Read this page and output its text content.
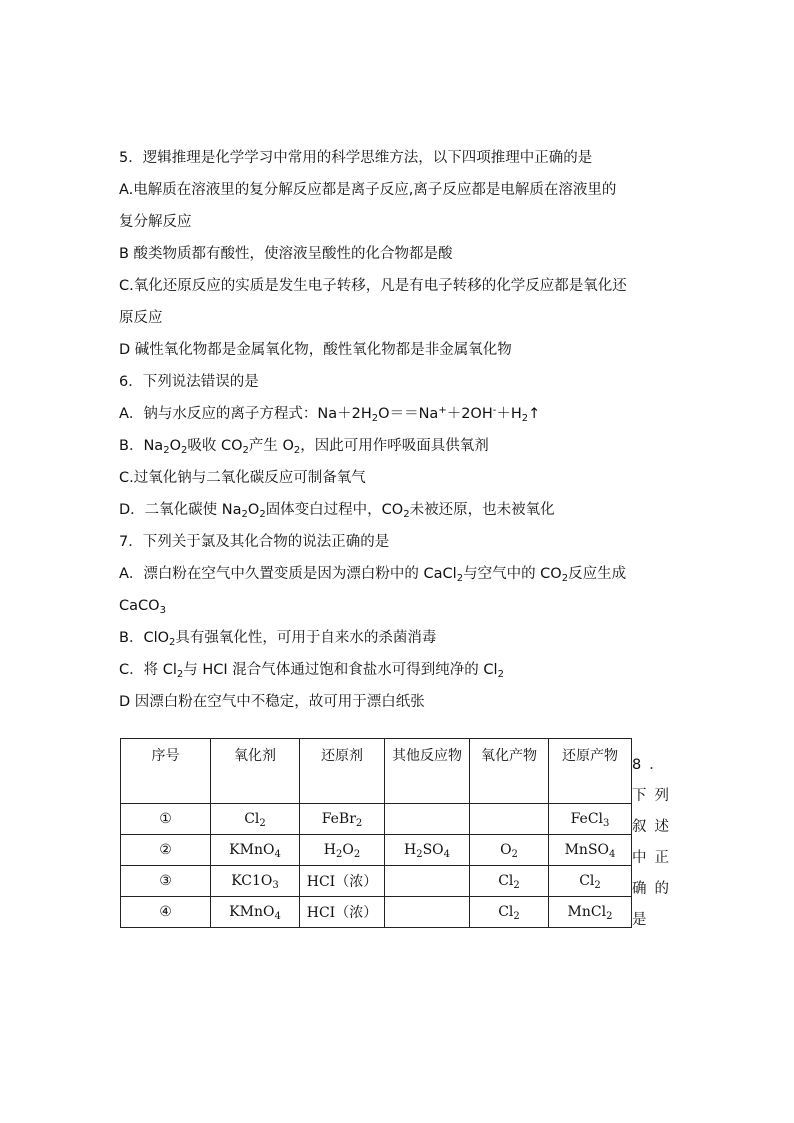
5．逻辑推理是化学学习中常用的科学思维方法，以下四项推理中正确的是
A.电解质在溶液里的复分解反应都是离子反应,离子反应都是电解质在溶液里的
复分解反应
B 酸类物质都有酸性，使溶液呈酸性的化合物都是酸
C.氧化还原反应的实质是发生电子转移，凡是有电子转移的化学反应都是氧化还
原反应
D 碱性氧化物都是金属氧化物，酸性氧化物都是非金属氧化物
6．下列说法错误的是
A．钠与水反应的离子方程式：$Na+2H_2O==Na^++2OH^-+H_2↑$
B．$Na_2O_2$吸收 $CO_2$产生 $O_2$，因此可用作呼吸面具供氧剂
C.过氧化钠与二氧化碳反应可制备氧气
D．二氧化碳使 $Na_2O_2$固体变白过程中，$CO_2$未被还原，也未被氧化
7．下列关于氯及其化合物的说法正确的是
A．漂白粉在空气中久置变质是因为漂白粉中的 CaCl$_2$与空气中的 $CO_2$反应生成
CaCO$_3$
B．ClO$_2$具有强氧化性，可用于自来水的杀菌消毒
C．将 $Cl_2$与 HCI 混合气体通过饱和食盐水可得到纯净的 $Cl_2$
D 因漂白粉在空气中不稳定，故可用于漂白纸张
序号	氧化剂	还原剂	其他反应物	氧化产物	还原产物
①	$Cl_2$	FeBr$_2$			FeCl$_3$
②	KMnO$_4$	$H_2O_2$	$H_2SO_4$	$O_2$	MnSO$_4$
③	$KC1O_3$	HCI（浓）		$Cl_2$	$Cl_2$
④	KMnO$_4$	HCI（浓）		$Cl_2$	MnCl$_2$
8．下列叙述中正确的是
